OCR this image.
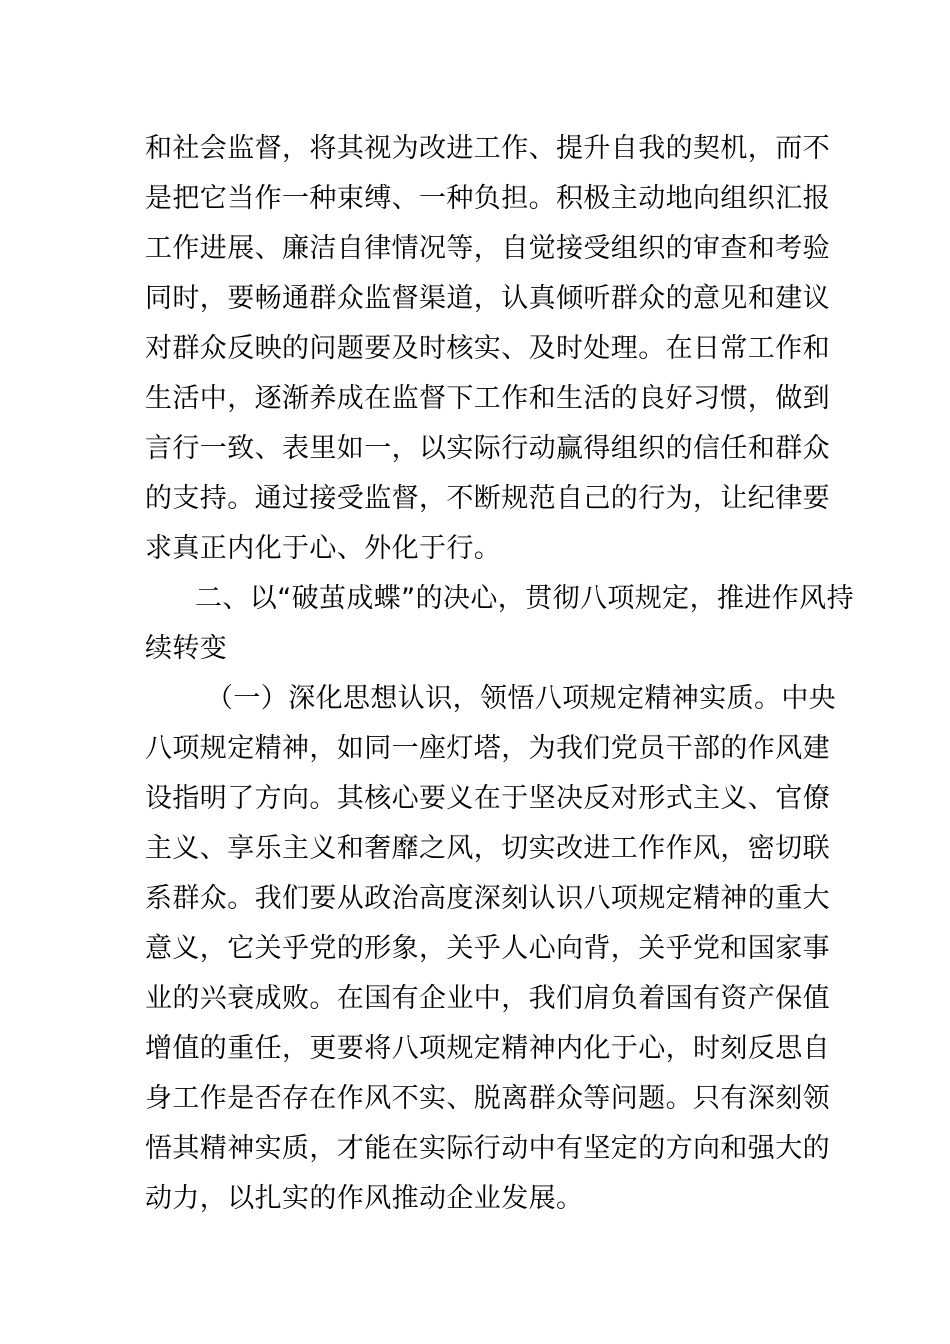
和社会监督，将其视为改进工作、提升自我的契机，而不
是把它当作一种束缚、一种负担。积极主动地向组织汇报
工作进展、廉洁自律情况等，自觉接受组织的审查和考验
同时，要畅通群众监督渠道，认真倾听群众的意见和建议
对群众反映的问题要及时核实、及时处理。在日常工作和
生活中，逐渐养成在监督下工作和生活的良好习惯，做到
言行一致、表里如一，以实际行动赢得组织的信任和群众
的支持。通过接受监督，不断规范自己的行为，让纪律要
求真正内化于心、外化于行。
二、以“破茧成蝶”的决心，贯彻八项规定，推进作风持
续转变
（一）深化思想认识，领悟八项规定精神实质。中央
八项规定精神，如同一座灯塔，为我们党员干部的作风建
设指明了方向。其核心要义在于坚决反对形式主义、官僚
主义、享乐主义和奢靡之风，切实改进工作作风，密切联
系群众。我们要从政治高度深刻认识八项规定精神的重大
意义，它关乎党的形象，关乎人心向背，关乎党和国家事
业的兴衰成败。在国有企业中，我们肩负着国有资产保值
增值的重任，更要将八项规定精神内化于心，时刻反思自
身工作是否存在作风不实、脱离群众等问题。只有深刻领
悟其精神实质，才能在实际行动中有坚定的方向和强大的
动力，以扎实的作风推动企业发展。
